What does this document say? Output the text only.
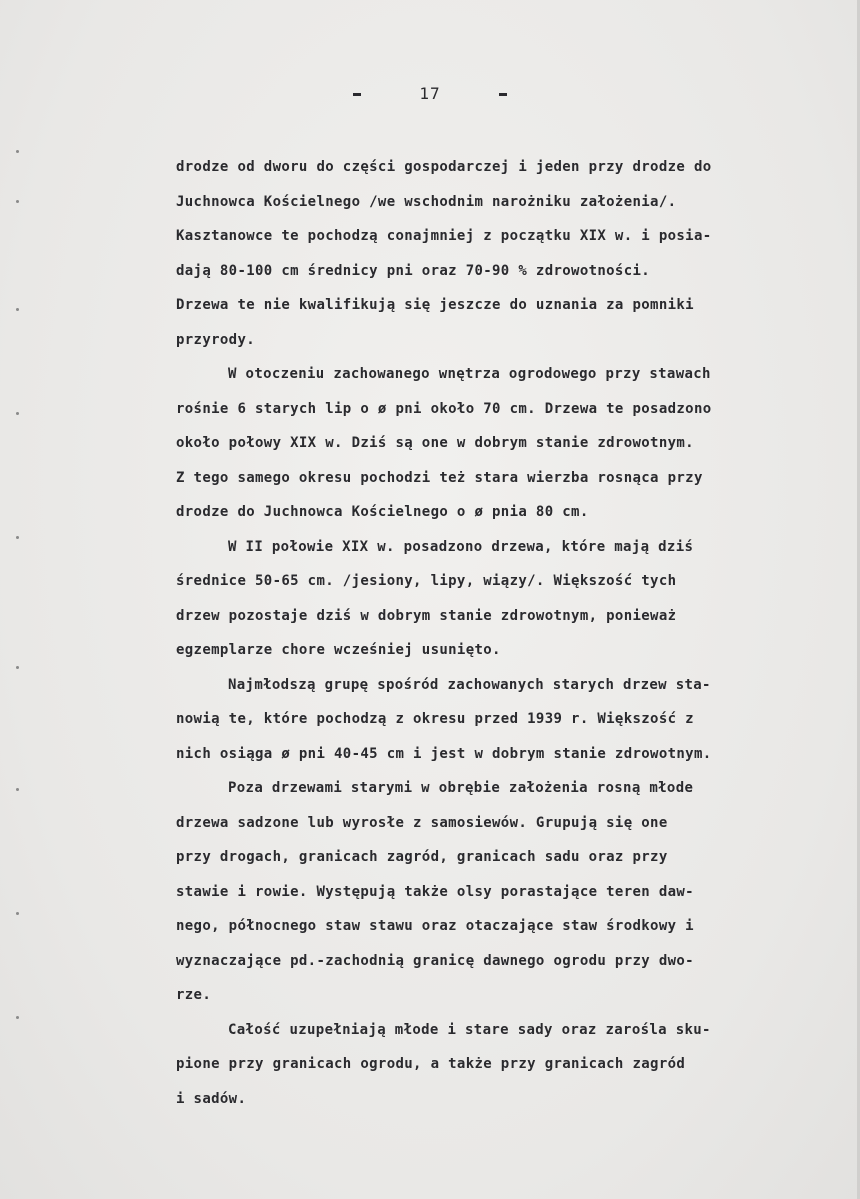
17
drodze od dworu do części gospodarczej i jeden przy drodze do
Juchnowca Kościelnego /we wschodnim narożniku założenia/.
Kasztanowce te pochodzą conajmniej z początku XIX w. i posia-
dają 80-100 cm średnicy pni oraz 70-90 % zdrowotności.
Drzewa te nie kwalifikują się jeszcze do uznania za pomniki
przyrody.
W otoczeniu zachowanego wnętrza ogrodowego przy stawach
rośnie 6 starych lip o ø pni około 70 cm. Drzewa te posadzono
około połowy XIX w. Dziś są one w dobrym stanie zdrowotnym.
Z tego samego okresu pochodzi też stara wierzba rosnąca przy
drodze do Juchnowca Kościelnego o ø pnia 80 cm.
W II połowie XIX w. posadzono drzewa, które mają dziś
średnice 50-65 cm. /jesiony, lipy, wiązy/. Większość tych
drzew pozostaje dziś w dobrym stanie zdrowotnym, ponieważ
egzemplarze chore wcześniej usunięto.
Najmłodszą grupę spośród zachowanych starych drzew sta-
nowią te, które pochodzą z okresu przed 1939 r. Większość z
nich osiąga ø pni 40-45 cm i jest w dobrym stanie zdrowotnym.
Poza drzewami starymi w obrębie założenia rosną młode
drzewa sadzone lub wyrosłe z samosiewów. Grupują się one
przy drogach, granicach zagród, granicach sadu oraz przy
stawie i rowie. Występują także olsy porastające teren daw-
nego, północnego staw stawu oraz otaczające staw środkowy i
wyznaczające pd.-zachodnią granicę dawnego ogrodu przy dwo-
rze.
Całość uzupełniają młode i stare sady oraz zarośla sku-
pione przy granicach ogrodu, a także przy granicach zagród
i sadów.
